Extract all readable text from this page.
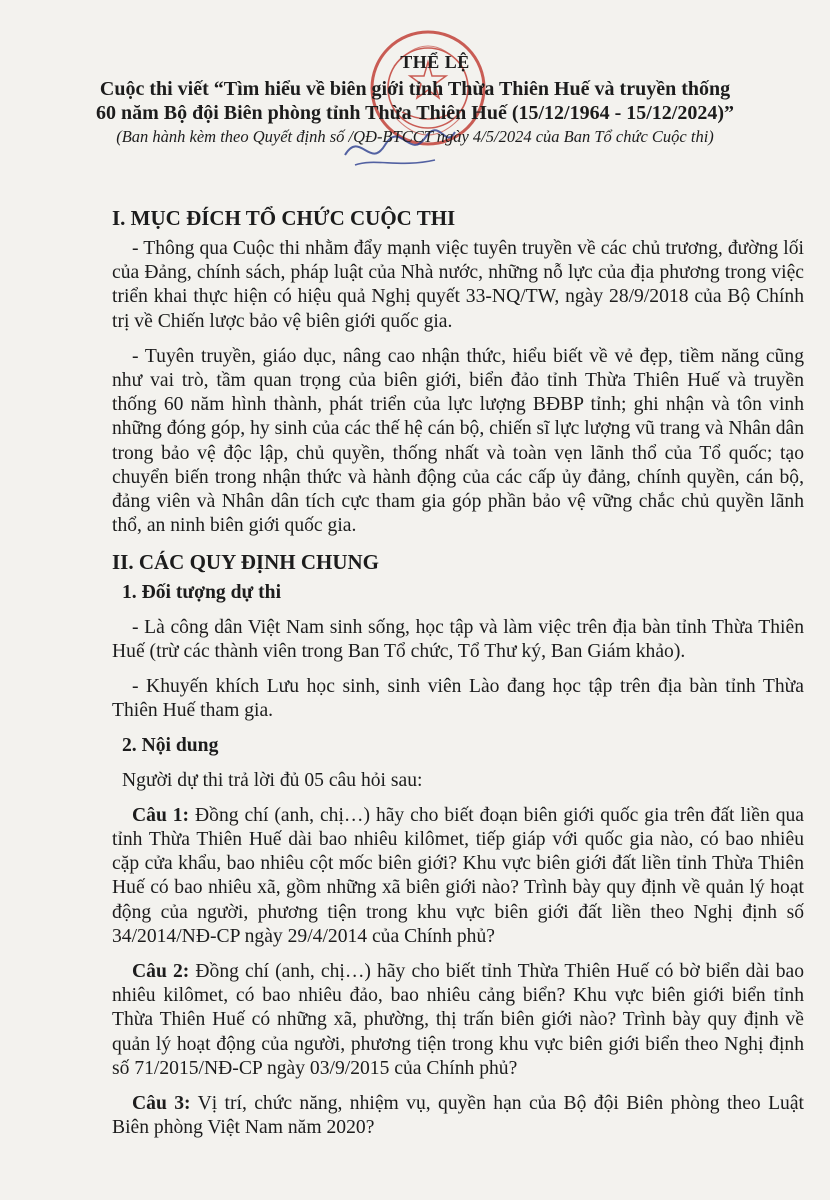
THỂ LỆ
Cuộc thi viết “Tìm hiểu về biên giới tỉnh Thừa Thiên Huế và truyền thống
60 năm Bộ đội Biên phòng tỉnh Thừa Thiên Huế (15/12/1964 - 15/12/2024)”
(Ban hành kèm theo Quyết định số /QĐ-BTCCT ngày 4/5/2024 của Ban Tổ chức Cuộc thi)
I. MỤC ĐÍCH TỔ CHỨC CUỘC THI

- Thông qua Cuộc thi nhằm đẩy mạnh việc tuyên truyền về các chủ trương, đường lối của Đảng, chính sách, pháp luật của Nhà nước, những nỗ lực của địa phương trong việc triển khai thực hiện có hiệu quả Nghị quyết 33-NQ/TW, ngày 28/9/2018 của Bộ Chính trị về Chiến lược bảo vệ biên giới quốc gia.

- Tuyên truyền, giáo dục, nâng cao nhận thức, hiểu biết về vẻ đẹp, tiềm năng cũng như vai trò, tầm quan trọng của biên giới, biển đảo tỉnh Thừa Thiên Huế và truyền thống 60 năm hình thành, phát triển của lực lượng BĐBP tỉnh; ghi nhận và tôn vinh những đóng góp, hy sinh của các thế hệ cán bộ, chiến sĩ lực lượng vũ trang và Nhân dân trong bảo vệ độc lập, chủ quyền, thống nhất và toàn vẹn lãnh thổ của Tổ quốc; tạo chuyển biến trong nhận thức và hành động của các cấp ủy đảng, chính quyền, cán bộ, đảng viên và Nhân dân tích cực tham gia góp phần bảo vệ vững chắc chủ quyền lãnh thổ, an ninh biên giới quốc gia.

II. CÁC QUY ĐỊNH CHUNG
1. Đối tượng dự thi

- Là công dân Việt Nam sinh sống, học tập và làm việc trên địa bàn tỉnh Thừa Thiên Huế (trừ các thành viên trong Ban Tổ chức, Tổ Thư ký, Ban Giám khảo).

- Khuyến khích Lưu học sinh, sinh viên Lào đang học tập trên địa bàn tỉnh Thừa Thiên Huế tham gia.

2. Nội dung

Người dự thi trả lời đủ 05 câu hỏi sau:

Câu 1: Đồng chí (anh, chị…) hãy cho biết đoạn biên giới quốc gia trên đất liền qua tỉnh Thừa Thiên Huế dài bao nhiêu kilômet, tiếp giáp với quốc gia nào, có bao nhiêu cặp cửa khẩu, bao nhiêu cột mốc biên giới? Khu vực biên giới đất liền tỉnh Thừa Thiên Huế có bao nhiêu xã, gồm những xã biên giới nào? Trình bày quy định về quản lý hoạt động của người, phương tiện trong khu vực biên giới đất liền theo Nghị định số 34/2014/NĐ-CP ngày 29/4/2014 của Chính phủ?

Câu 2: Đồng chí (anh, chị…) hãy cho biết tỉnh Thừa Thiên Huế có bờ biển dài bao nhiêu kilômet, có bao nhiêu đảo, bao nhiêu cảng biển? Khu vực biên giới biển tỉnh Thừa Thiên Huế có những xã, phường, thị trấn biên giới nào? Trình bày quy định về quản lý hoạt động của người, phương tiện trong khu vực biên giới biển theo Nghị định số 71/2015/NĐ-CP ngày 03/9/2015 của Chính phủ?

Câu 3: Vị trí, chức năng, nhiệm vụ, quyền hạn của Bộ đội Biên phòng theo Luật Biên phòng Việt Nam năm 2020?
